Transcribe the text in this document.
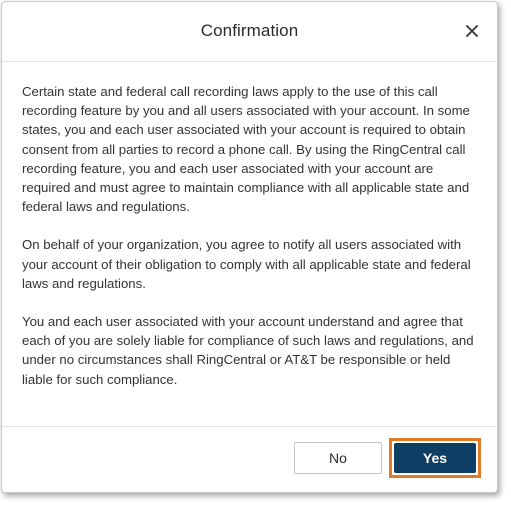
Confirmation

Certain state and federal call recording laws apply to the use of this call recording feature by you and all users associated with your account. In some states, you and each user associated with your account is required to obtain consent from all parties to record a phone call. By using the RingCentral call recording feature, you and each user associated with your account are required and must agree to maintain compliance with all applicable state and federal laws and regulations.

On behalf of your organization, you agree to notify all users associated with your account of their obligation to comply with all applicable state and federal laws and regulations.

You and each user associated with your account understand and agree that each of you are solely liable for compliance of such laws and regulations, and under no circumstances shall RingCentral or AT&T be responsible or held liable for such compliance.

No	Yes
